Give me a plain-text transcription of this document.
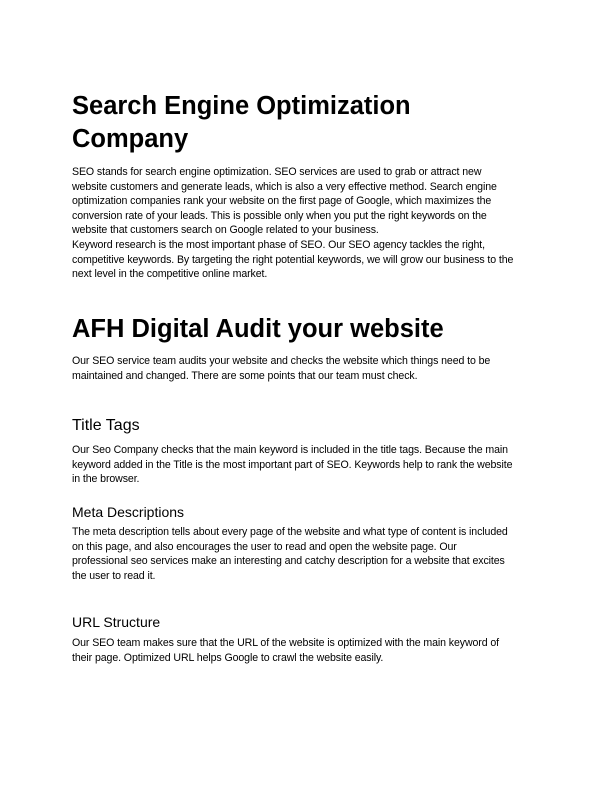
Search Engine Optimization
Company
SEO stands for search engine optimization. SEO services are used to grab or attract new
website customers and generate leads, which is also a very effective method. Search engine
optimization companies rank your website on the first page of Google, which maximizes the
conversion rate of your leads. This is possible only when you put the right keywords on the
website that customers search on Google related to your business.
Keyword research is the most important phase of SEO. Our SEO agency tackles the right,
competitive keywords. By targeting the right potential keywords, we will grow our business to the
next level in the competitive online market.
AFH Digital Audit your website
Our SEO service team audits your website and checks the website which things need to be
maintained and changed. There are some points that our team must check.
Title Tags
Our Seo Company checks that the main keyword is included in the title tags. Because the main
keyword added in the Title is the most important part of SEO. Keywords help to rank the website
in the browser.
Meta Descriptions
The meta description tells about every page of the website and what type of content is included
on this page, and also encourages the user to read and open the website page. Our
professional seo services make an interesting and catchy description for a website that excites
the user to read it.
URL Structure
Our SEO team makes sure that the URL of the website is optimized with the main keyword of
their page. Optimized URL helps Google to crawl the website easily.
